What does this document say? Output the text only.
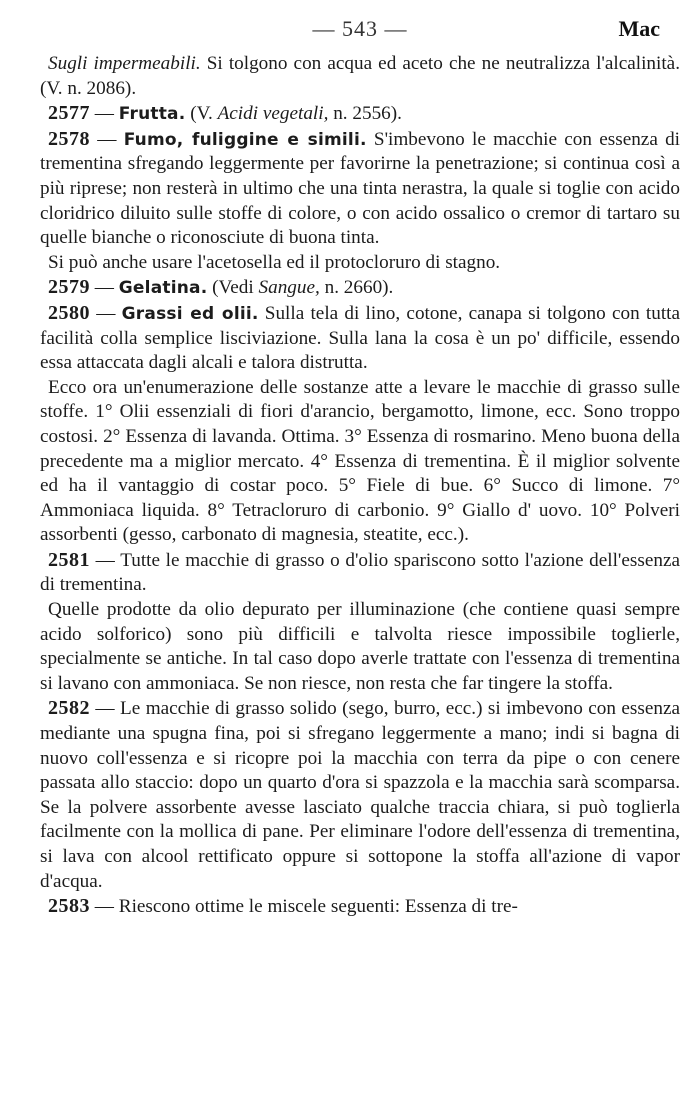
— 543 —	Mac

Sugli impermeabili. Si tolgono con acqua ed aceto che ne neutralizza l'alcalinità. (V. n. 2086).

2577 — Frutta. (V. Acidi vegetali, n. 2556).

2578 — Fumo, fuliggine e simili. S'imbevono le macchie con essenza di trementina sfregando leggermente per favorirne la penetrazione; si continua così a più riprese; non resterà in ultimo che una tinta nerastra, la quale si toglie con acido cloridrico diluito sulle stoffe di colore, o con acido ossalico o cremor di tartaro su quelle bianche o riconosciute di buona tinta.

Si può anche usare l'acetosella ed il protocloruro di stagno.

2579 — Gelatina. (Vedi Sangue, n. 2660).

2580 — Grassi ed olii. Sulla tela di lino, cotone, canapa si tolgono con tutta facilità colla semplice lisciviazione. Sulla lana la cosa è un po' difficile, essendo essa attaccata dagli alcali e talora distrutta.

Ecco ora un'enumerazione delle sostanze atte a levare le macchie di grasso sulle stoffe. 1° Olii essenziali di fiori d'arancio, bergamotto, limone, ecc. Sono troppo costosi. 2° Essenza di lavanda. Ottima. 3° Essenza di rosmarino. Meno buona della precedente ma a miglior mercato. 4° Essenza di trementina. È il miglior solvente ed ha il vantaggio di costar poco. 5° Fiele di bue. 6° Succo di limone. 7° Ammoniaca liquida. 8° Tetracloruro di carbonio. 9° Giallo d' uovo. 10° Polveri assorbenti (gesso, carbonato di magnesia, steatite, ecc.).

2581 — Tutte le macchie di grasso o d'olio spariscono sotto l'azione dell'essenza di trementina.

Quelle prodotte da olio depurato per illuminazione (che contiene quasi sempre acido solforico) sono più difficili e talvolta riesce impossibile toglierle, specialmente se antiche. In tal caso dopo averle trattate con l'essenza di trementina si lavano con ammoniaca. Se non riesce, non resta che far tingere la stoffa.

2582 — Le macchie di grasso solido (sego, burro, ecc.) si imbevono con essenza mediante una spugna fina, poi si sfregano leggermente a mano; indi si bagna di nuovo coll'essenza e si ricopre poi la macchia con terra da pipe o con cenere passata allo staccio: dopo un quarto d'ora si spazzola e la macchia sarà scomparsa. Se la polvere assorbente avesse lasciato qualche traccia chiara, si può toglierla facilmente con la mollica di pane. Per eliminare l'odore dell'essenza di trementina, si lava con alcool rettificato oppure si sottopone la stoffa all'azione di vapor d'acqua.

2583 — Riescono ottime le miscele seguenti: Essenza di tre-
